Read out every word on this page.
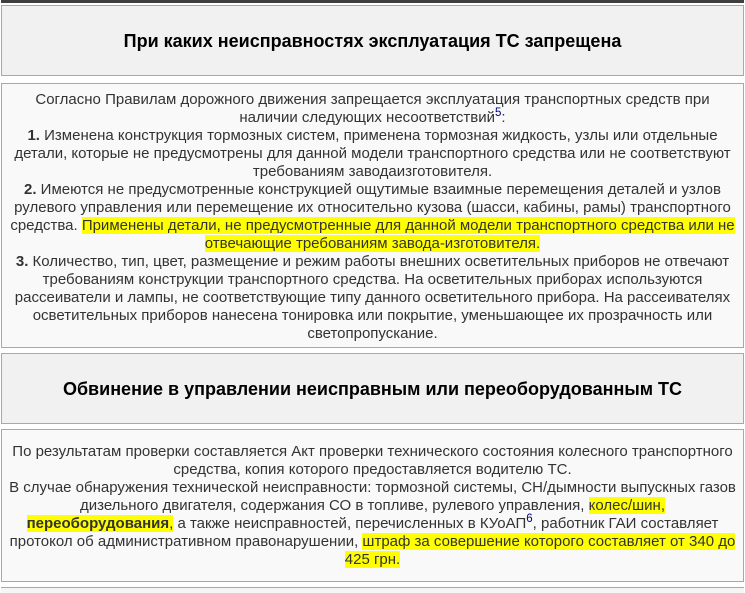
При каких неисправностях эксплуатация ТС запрещена

Согласно Правилам дорожного движения запрещается эксплуатация транспортных средств при наличии следующих несоответствий$^5$:

1. Изменена конструкция тормозных систем, применена тормозная жидкость, узлы или отдельные детали, которые не предусмотрены для данной модели транспортного средства или не соответствуют требованиям заводаизготовителя.

2. Имеются не предусмотренные конструкцией ощутимые взаимные перемещения деталей и узлов рулевого управления или перемещение их относительно кузова (шасси, кабины, рамы) транспортного средства. Применены детали, не предусмотренные для данной модели транспортного средства или не отвечающие требованиям завода-изготовителя.

3. Количество, тип, цвет, размещение и режим работы внешних осветительных приборов не отвечают требованиям конструкции транспортного средства. На осветительных приборах используются рассеиватели и лампы, не соответствующие типу данного осветительного прибора. На рассеивателях осветительных приборов нанесена тонировка или покрытие, уменьшающее их прозрачность или светопропускание.

Обвинение в управлении неисправным или переоборудованным ТС

По результатам проверки составляется Акт проверки технического состояния колесного транспортного средства, копия которого предоставляется водителю ТС.

В случае обнаружения технической неисправности: тормозной системы, СН/дымности выпускных газов дизельного двигателя, содержания СО в топливе, рулевого управления, колес/шин, переоборудования, а также неисправностей, перечисленных в КУоАП$^6$, работник ГАИ составляет протокол об административном правонарушении, штраф за совершение которого составляет от 340 до 425 грн.
